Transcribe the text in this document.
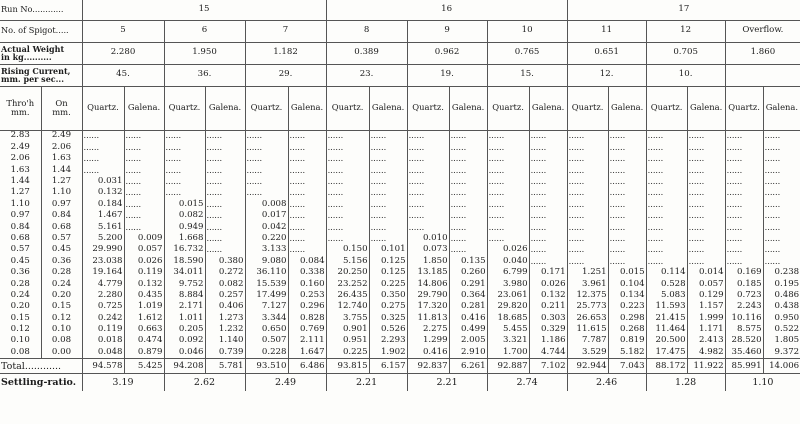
Run No............		15						16						17					
No. of Spigot.....		5		6		7		8		9		10		11		12		Overflow.	
Actual Weight
in kg..........		2.280		1.950		1.182		0.389		0.962		0.765		0.651		0.705		1.860	
Rising Current,
mm. per sec...		45.		36.		29.		23.		19.		15.		12.		10.			
Thro'h
mm.	On
mm.	Quartz.	Galena.	Quartz.	Galena.	Quartz.	Galena.	Quartz.	Galena.	Quartz.	Galena.	Quartz.	Galena.	Quartz.	Galena.	Quartz.	Galena.	Quartz.	Galena.
2.83	2.49	......	......	......	......	......	......	......	......	......	......	......	......	......	......	......	......	......	......
2.49	2.06	......	......	......	......	......	......	......	......	......	......	......	......	......	......	......	......	......	......
2.06	1.63	......	......	......	......	......	......	......	......	......	......	......	......	......	......	......	......	......	......
1.63	1.44	......	......	......	......	......	......	......	......	......	......	......	......	......	......	......	......	......	......
1.44	1.27	0.031	......	......	......	......	......	......	......	......	......	......	......	......	......	......	......	......	......
1.27	1.10	0.132	......	......	......	......	......	......	......	......	......	......	......	......	......	......	......	......	......
1.10	0.97	0.184	......	0.015	......	0.008	......	......	......	......	......	......	......	......	......	......	......	......	......
0.97	0.84	1.467	......	0.082	......	0.017	......	......	......	......	......	......	......	......	......	......	......	......	......
0.84	0.68	5.161	......	0.949	......	0.042	......	......	......	......	......	......	......	......	......	......	......	......	......
0.68	0.57	5.200	0.009	1.668	......	0.220	......	......	......	0.010	......	......	......	......	......	......	......	......	......
0.57	0.45	29.990	0.057	16.732	......	3.133	......	0.150	0.101	0.073	......	0.026	......	......	......	......	......	......	......
0.45	0.36	23.038	0.026	18.590	0.380	9.080	0.084	5.156	0.125	1.850	0.135	0.040	......	......	......	......	......	......	......
0.36	0.28	19.164	0.119	34.011	0.272	36.110	0.338	20.250	0.125	13.185	0.260	6.799	0.171	1.251	0.015	0.114	0.014	0.169	0.238
0.28	0.24	4.779	0.132	9.752	0.082	15.539	0.160	23.252	0.225	14.806	0.291	3.980	0.026	3.961	0.104	0.528	0.057	0.185	0.195
0.24	0.20	2.280	0.435	8.884	0.257	17.499	0.253	26.435	0.350	29.790	0.364	23.061	0.132	12.375	0.134	5.083	0.129	0.723	0.486
0.20	0.15	0.725	1.019	2.171	0.406	7.127	0.296	12.740	0.275	17.320	0.281	29.820	0.211	25.773	0.223	11.593	1.157	2.243	0.438
0.15	0.12	0.242	1.612	1.011	1.273	3.344	0.828	3.755	0.325	11.813	0.416	18.685	0.303	26.653	0.298	21.415	1.999	10.116	0.950
0.12	0.10	0.119	0.663	0.205	1.232	0.650	0.769	0.901	0.526	2.275	0.499	5.455	0.329	11.615	0.268	11.464	1.171	8.575	0.522
0.10	0.08	0.018	0.474	0.092	1.140	0.507	2.111	0.951	2.293	1.299	2.005	3.321	1.186	7.787	0.819	20.500	2.413	28.520	1.805
0.08	0.00	0.048	0.879	0.046	0.739	0.228	1.647	0.225	1.902	0.416	2.910	1.700	4.744	3.529	5.182	17.475	4.982	35.460	9.372
Total............		94.578	5.425	94.208	5.781	93.510	6.486	93.815	6.157	92.837	6.261	92.887	7.102	92.944	7.043	88.172	11.922	85.991	14.006
Settling-ratio.		3.19		2.62		2.49		2.21		2.21		2.74		2.46		1.28		1.10	
